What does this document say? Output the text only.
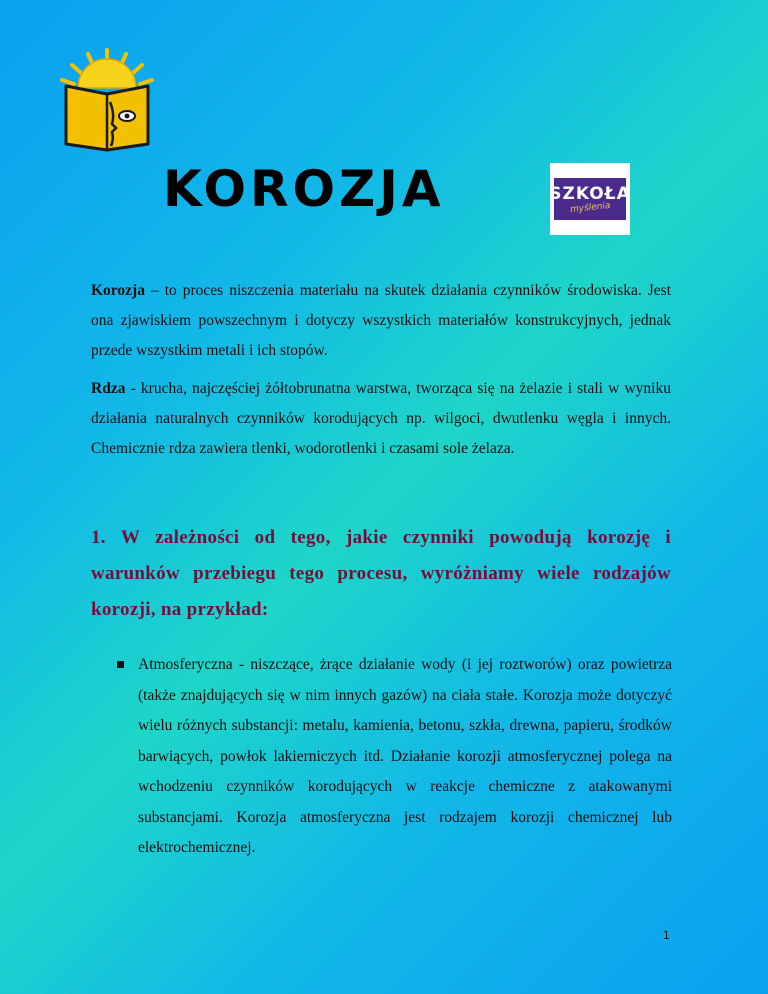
KOROZJA	SZKOŁA
myślenia

Korozja – to proces niszczenia materiału na skutek działania czynników środowiska. Jest ona zjawiskiem powszechnym i dotyczy wszystkich materiałów konstrukcyjnych, jednak przede wszystkim metali i ich stopów.

Rdza - krucha, najczęściej żółtobrunatna warstwa, tworząca się na żelazie i stali w wyniku działania naturalnych czynników korodujących np. wilgoci, dwutlenku węgla i innych. Chemicznie rdza zawiera tlenki, wodorotlenki i czasami sole żelaza.

1. W zależności od tego, jakie czynniki powodują korozję i warunków przebiegu tego procesu, wyróżniamy wiele rodzajów korozji, na przykład:

Atmosferyczna - niszczące, żrące działanie wody (i jej roztworów) oraz powietrza (także znajdujących się w nim innych gazów) na ciała stałe. Korozja może dotyczyć wielu różnych substancji: metalu, kamienia, betonu, szkła, drewna, papieru, środków barwiących, powłok lakierniczych itd. Działanie korozji atmosferycznej polega na wchodzeniu czynników korodujących w reakcje chemiczne z atakowanymi substancjami. Korozja atmosferyczna jest rodzajem korozji chemicznej lub elektrochemicznej.

1
